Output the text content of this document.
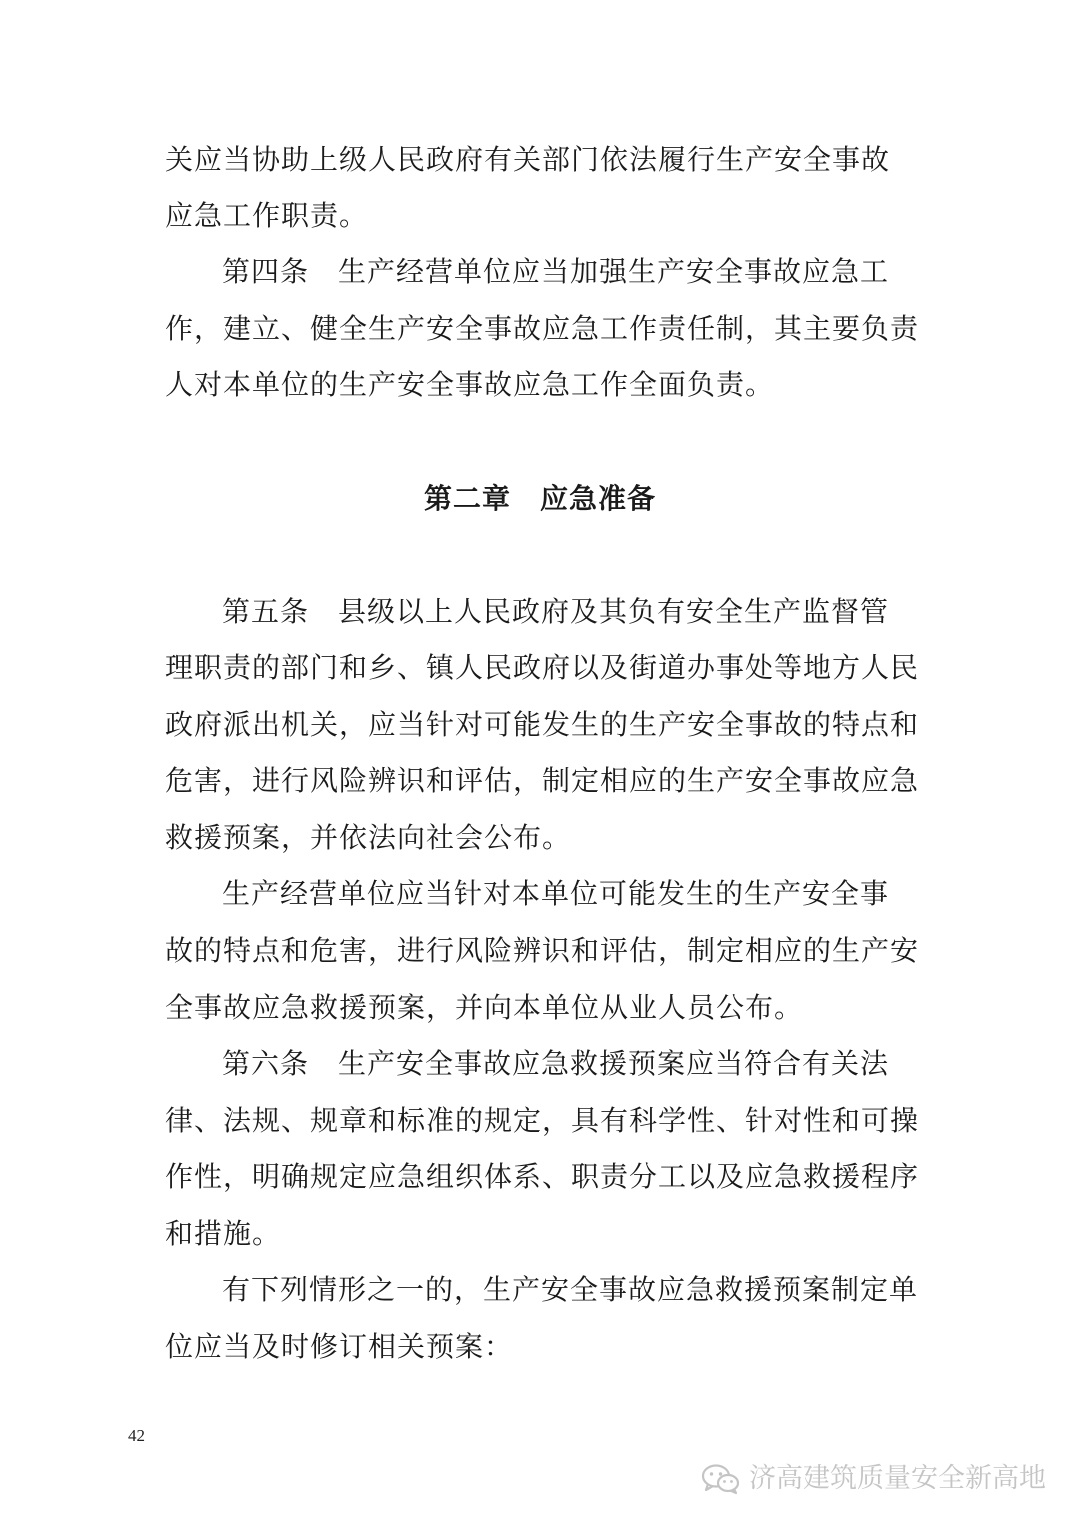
关应当协助上级人民政府有关部门依法履行生产安全事故
应急工作职责。
第四条　生产经营单位应当加强生产安全事故应急工
作，建立、健全生产安全事故应急工作责任制，其主要负责
人对本单位的生产安全事故应急工作全面负责。
第二章　应急准备
第五条　县级以上人民政府及其负有安全生产监督管
理职责的部门和乡、镇人民政府以及街道办事处等地方人民
政府派出机关，应当针对可能发生的生产安全事故的特点和
危害，进行风险辨识和评估，制定相应的生产安全事故应急
救援预案，并依法向社会公布。
生产经营单位应当针对本单位可能发生的生产安全事
故的特点和危害，进行风险辨识和评估，制定相应的生产安
全事故应急救援预案，并向本单位从业人员公布。
第六条　生产安全事故应急救援预案应当符合有关法
律、法规、规章和标准的规定，具有科学性、针对性和可操
作性，明确规定应急组织体系、职责分工以及应急救援程序
和措施。
有下列情形之一的，生产安全事故应急救援预案制定单
位应当及时修订相关预案：
42
济高建筑质量安全新高地
